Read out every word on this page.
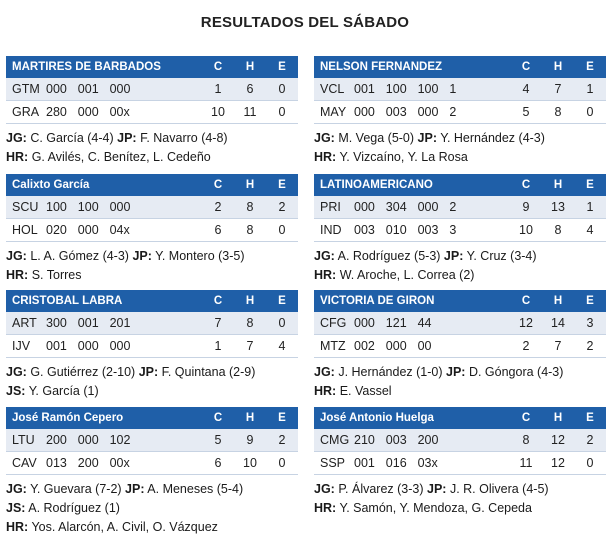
RESULTADOS DEL SÁBADO
MÁRTIRES DE BARBADOS	C	H	E
GTM 000  001  000	1	6	0
GRA 280  000  00x	10	11	0
JG: C. García (4-4) JP: F. Navarro (4-8)
HR: G. Avilés, C. Benítez, L. Cedeño
NELSON FERNÁNDEZ	C	H	E
VCL 001  100  100  1	4	7	1
MAY 000  003  000  2	5	8	0
JG: M. Vega (5-0) JP: Y. Hernández (4-3)
HR: Y. Vizcaíno, Y. La Rosa
Calixto García	C	H	E
SCU 100  100  000	2	8	2
HOL 020  000  04x	6	8	0
JG: L. A. Gómez (4-3) JP: Y. Montero (3-5)
HR: S. Torres
LATINOAMERICANO	C	H	E
PRI	000  304  000  2	9	13	1
IND 003  010  003  3	10	8	4
JG: A. Rodríguez (5-3) JP: Y. Cruz (3-4)
HR: W. Aroche, L. Correa (2)
CRISTÓBAL LABRA	C	H	E
ART 300  001  201	7	8	0
IJV	001  000  000	1	7	4
JG: G. Gutiérrez (2-10) JP: F. Quintana (2-9)
JS: Y. García (1)
VICTORIA DE GIRÓN	C	H	E
CFG 000  121  44	12	14	3
MTZ 002  000  00	2	7	2
JG: J. Hernández (1-0) JP: D. Góngora (4-3)
HR: E. Vassel
José Ramón Cepero	C	H	E
LTU 200  000  102	5	9	2
CAV 013  200  00x	6	10	0
JG: Y. Guevara (7-2) JP: A. Meneses (5-4)
JS: A. Rodríguez (1)
HR: Yos. Alarcón, A. Civil, O. Vázquez
José Antonio Huelga	C	H	E
CMG 210  003  200	8	12	2
SSP 001  016  03x	11	12	0
JG: P. Álvarez (3-3) JP: J. R. Olivera (4-5)
HR: Y. Samón, Y. Mendoza, G. Cepeda
